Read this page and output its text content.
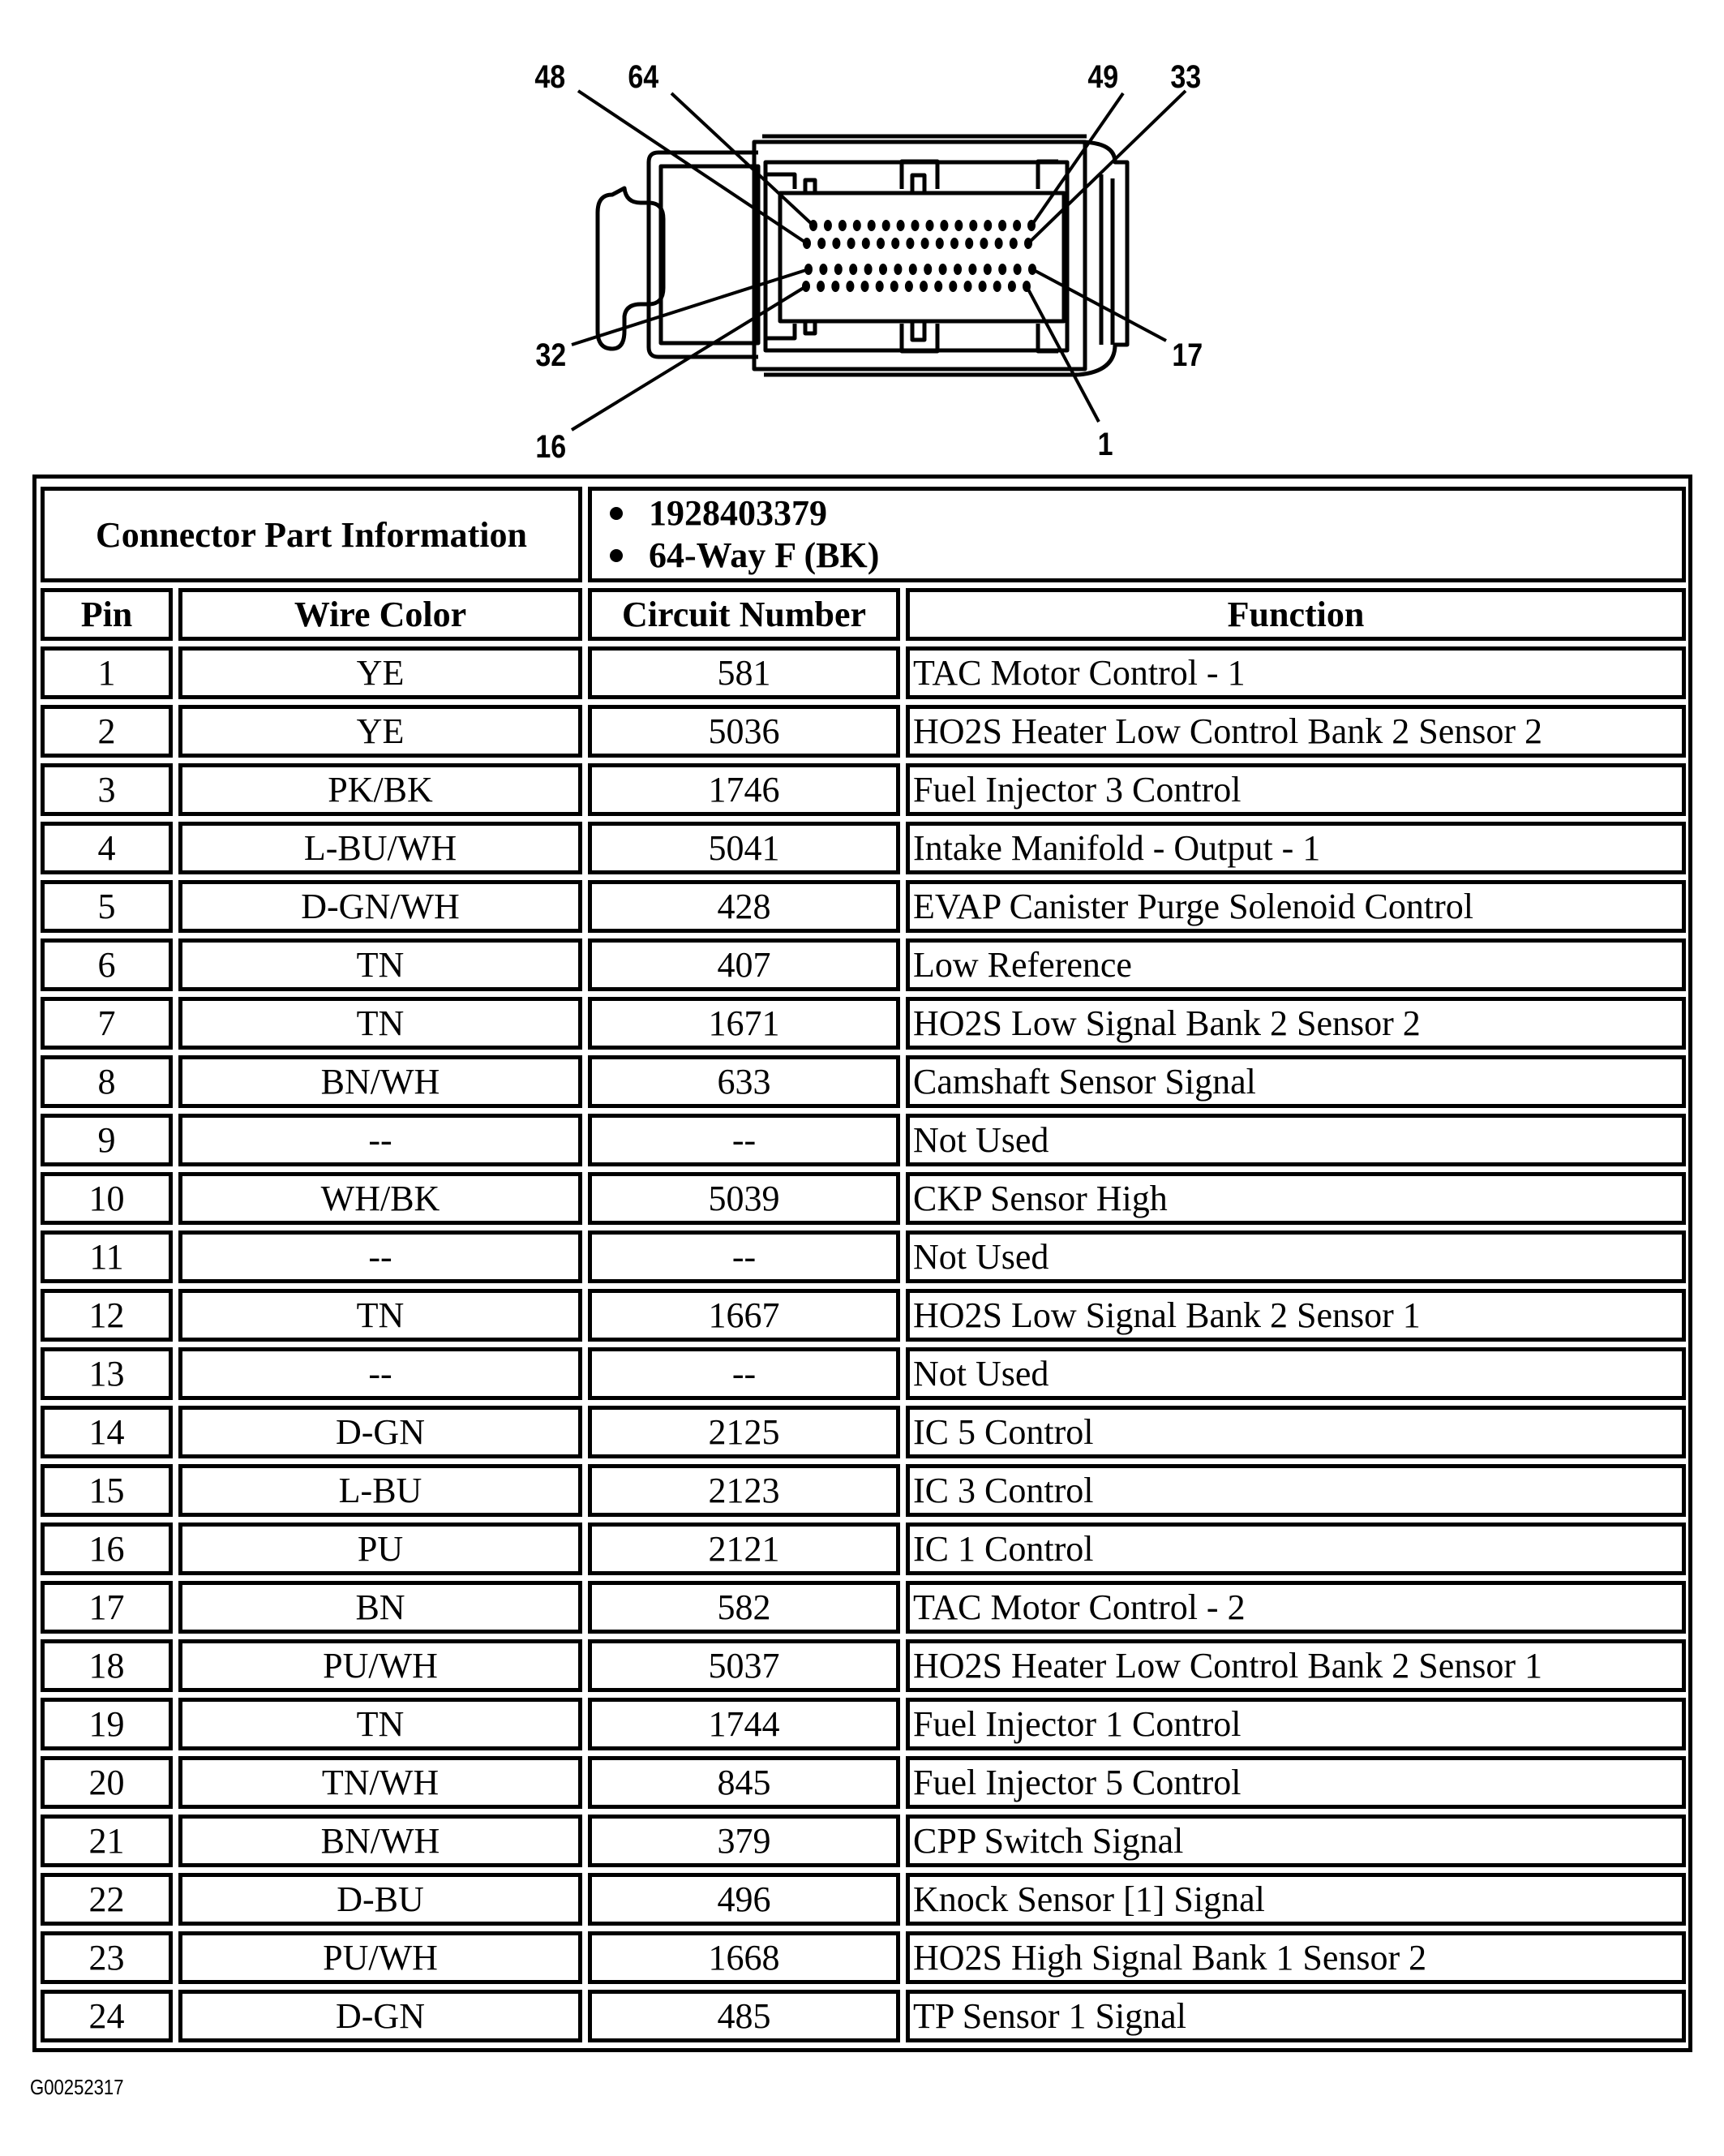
48 64	49 33
32
16	1
17
Connector Part Information
1928403379
64-Way F (BK)
Pin	Wire Color	Circuit Number	Function
1	YE	581	TAC Motor Control - 1
2	YE	5036	HO2S Heater Low Control Bank 2 Sensor 2
3	PK/BK	1746	Fuel Injector 3 Control
4	L-BU/WH	5041	Intake Manifold - Output - 1
5	D-GN/WH	428	EVAP Canister Purge Solenoid Control
6	TN	407	Low Reference
7	TN	1671	HO2S Low Signal Bank 2 Sensor 2
8	BN/WH	633	Camshaft Sensor Signal
9	--	--	Not Used
10	WH/BK	5039	CKP Sensor High
11	--	--	Not Used
12	TN	1667	HO2S Low Signal Bank 2 Sensor 1
13	--	--	Not Used
14	D-GN	2125	IC 5 Control
15	L-BU	2123	IC 3 Control
16	PU	2121	IC 1 Control
17	BN	582	TAC Motor Control - 2
18	PU/WH	5037	HO2S Heater Low Control Bank 2 Sensor 1
19	TN	1744	Fuel Injector 1 Control
20	TN/WH	845	Fuel Injector 5 Control
21	BN/WH	379	CPP Switch Signal
22	D-BU	496	Knock Sensor [1] Signal
23	PU/WH	1668	HO2S High Signal Bank 1 Sensor 2
24	D-GN	485	TP Sensor 1 Signal
G00252317
